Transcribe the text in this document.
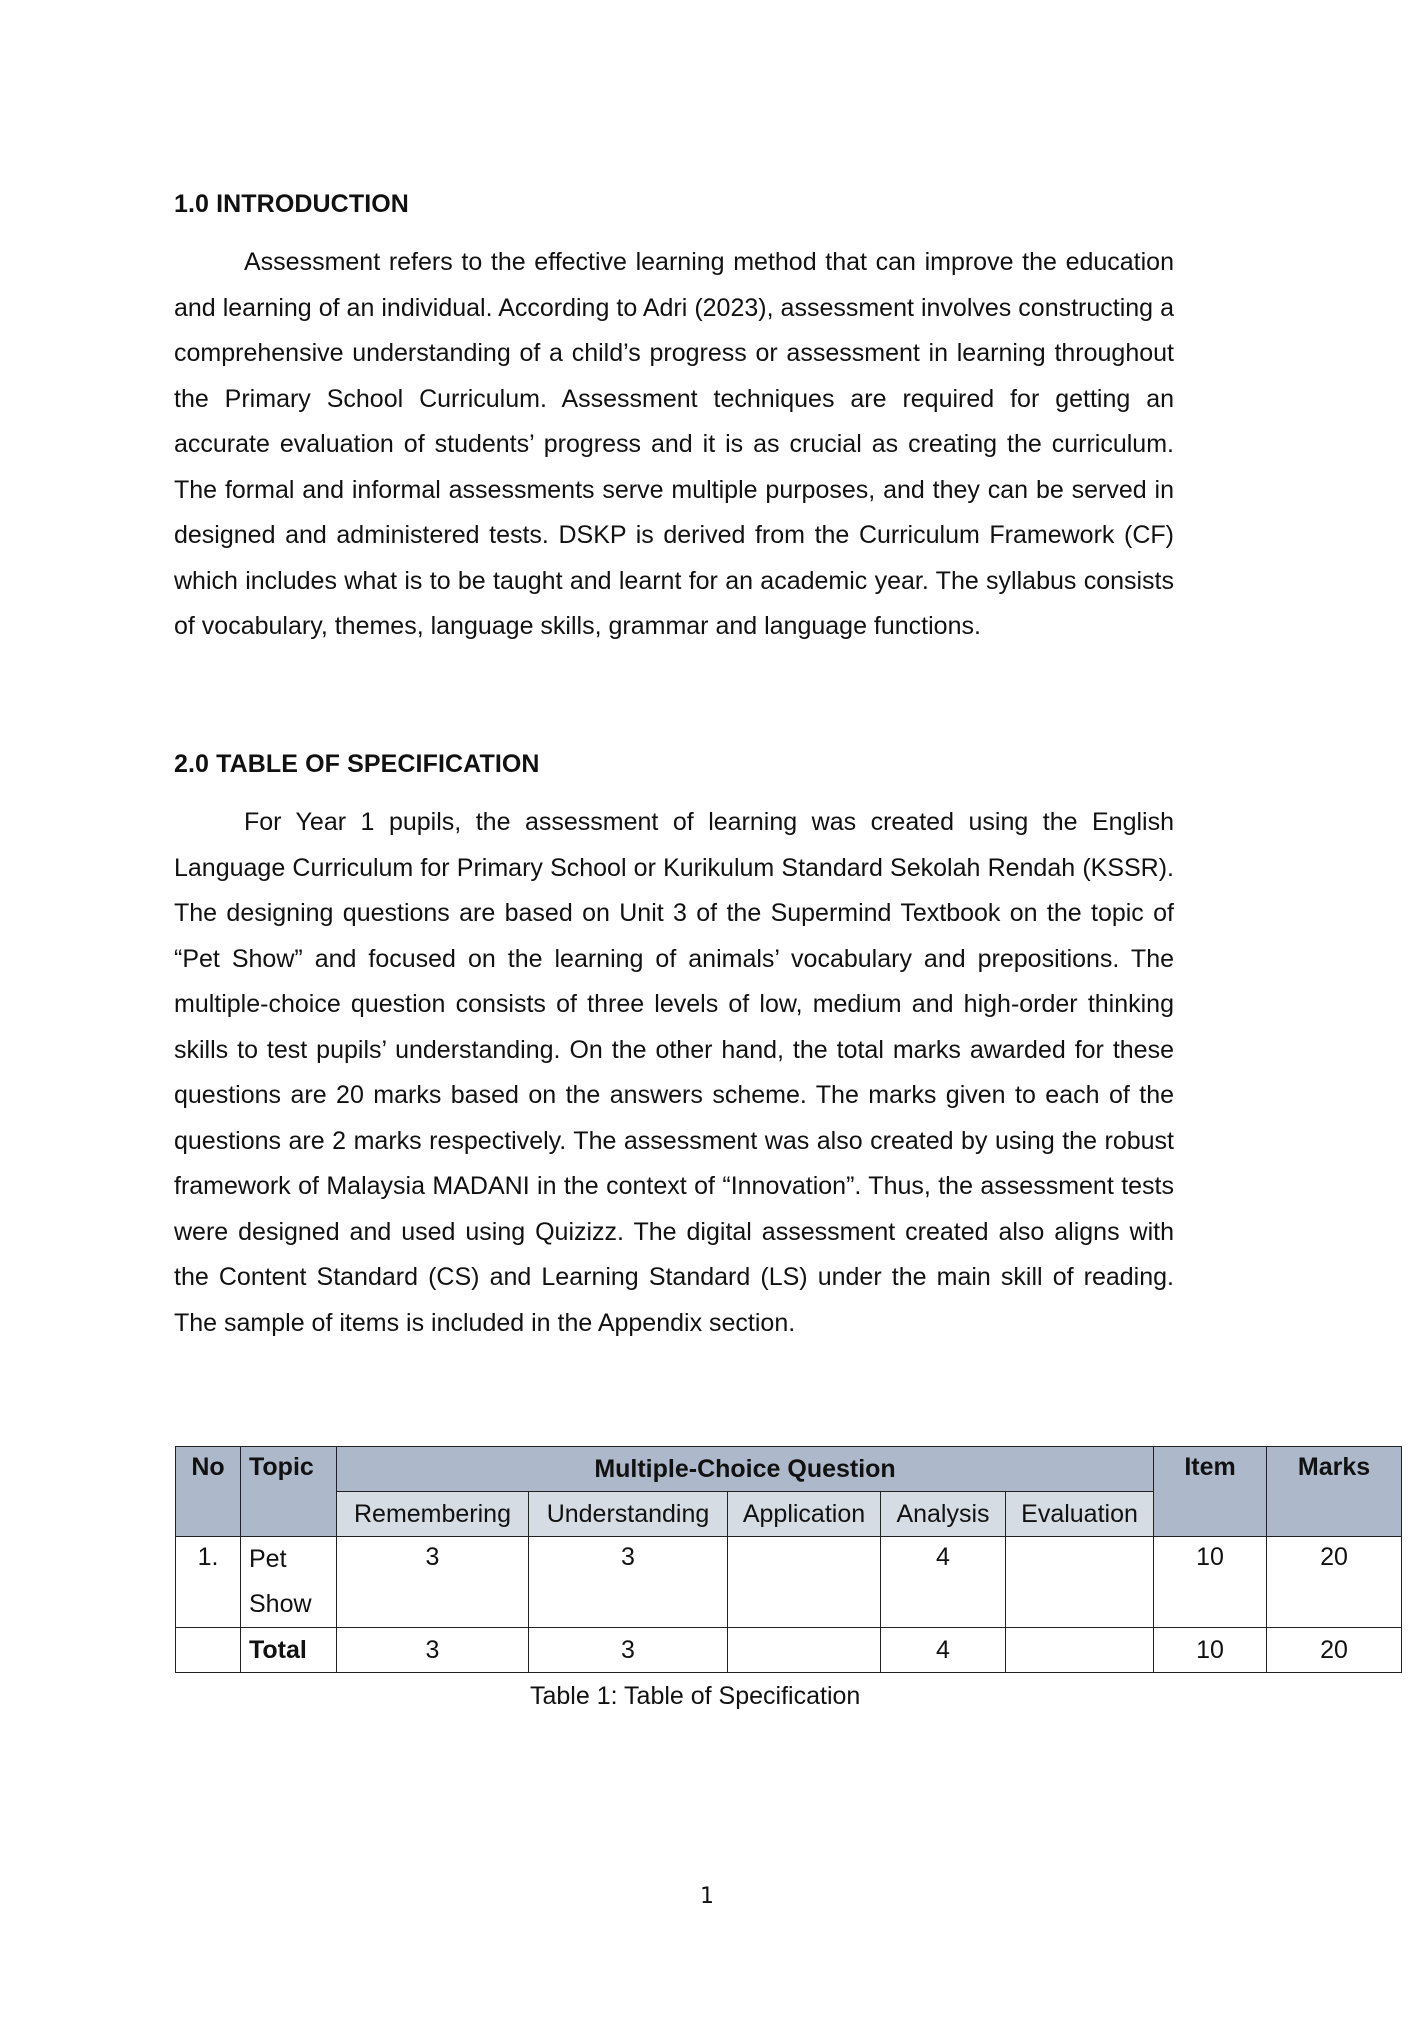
1.0 INTRODUCTION
Assessment refers to the effective learning method that can improve the education and learning of an individual. According to Adri (2023), assessment involves constructing a comprehensive understanding of a child’s progress or assessment in learning throughout the Primary School Curriculum. Assessment techniques are required for getting an accurate evaluation of students’ progress and it is as crucial as creating the curriculum. The formal and informal assessments serve multiple purposes, and they can be served in designed and administered tests. DSKP is derived from the Curriculum Framework (CF) which includes what is to be taught and learnt for an academic year. The syllabus consists of vocabulary, themes, language skills, grammar and language functions.
2.0 TABLE OF SPECIFICATION
For Year 1 pupils, the assessment of learning was created using the English Language Curriculum for Primary School or Kurikulum Standard Sekolah Rendah (KSSR). The designing questions are based on Unit 3 of the Supermind Textbook on the topic of “Pet Show” and focused on the learning of animals’ vocabulary and prepositions. The multiple-choice question consists of three levels of low, medium and high-order thinking skills to test pupils’ understanding. On the other hand, the total marks awarded for these questions are 20 marks based on the answers scheme. The marks given to each of the questions are 2 marks respectively. The assessment was also created by using the robust framework of Malaysia MADANI in the context of “Innovation”. Thus, the assessment tests were designed and used using Quizizz. The digital assessment created also aligns with the Content Standard (CS) and Learning Standard (LS) under the main skill of reading. The sample of items is included in the Appendix section.
No	Topic	Multiple-Choice Question					Item	Marks
		Remembering	Understanding	Application	Analysis	Evaluation		
1.	Pet
Show	3	3		4		10	20
	Total	3	3		4		10	20
Table 1: Table of Specification
1
